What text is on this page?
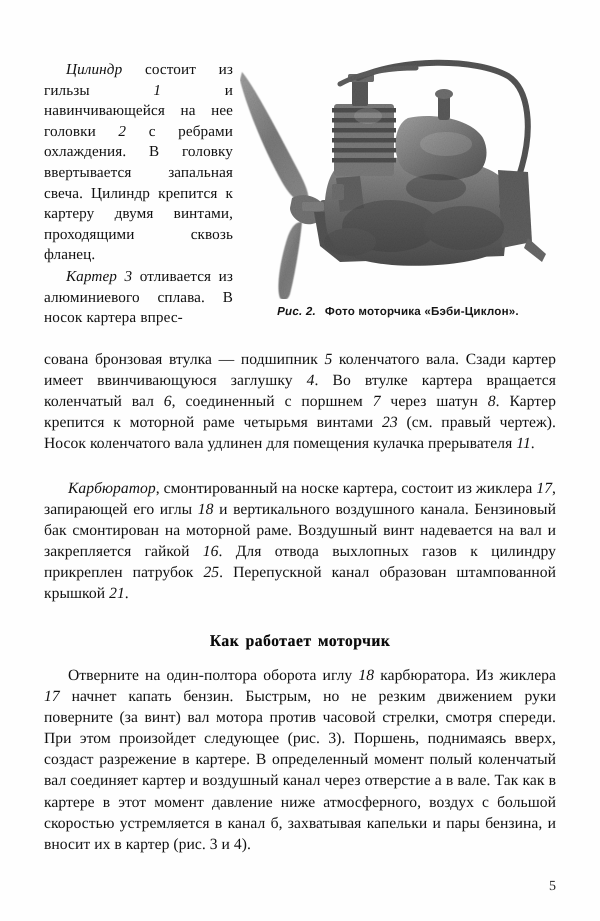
Цилиндр состоит из гильзы 1 и навинчивающейся на нее головки 2 с ребрами охлаждения. В головку ввертывается запальная свеча. Цилиндр крепится к картеру двумя винтами, проходящими сквозь фланец.

Картер 3 отливается из алюминиевого сплава. В носок картера впрес-	Рис. 2. Фото моторчика «Бэби-Циклон».

сована бронзовая втулка — подшипник 5 коленчатого вала. Сзади картер имеет ввинчивающуюся заглушку 4. Во втулке картера вращается коленчатый вал 6, соединенный с поршнем 7 через шатун 8. Картер крепится к моторной раме четырьмя винтами 23 (см. правый чертеж). Носок коленчатого вала удлинен для помещения кулачка прерывателя 11.

Карбюратор, смонтированный на носке картера, состоит из жиклера 17, запирающей его иглы 18 и вертикального воздушного канала. Бензиновый бак смонтирован на моторной раме. Воздушный винт надевается на вал и закрепляется гайкой 16. Для отвода выхлопных газов к цилиндру прикреплен патрубок 25. Перепускной канал образован штампованной крышкой 21.

Как работает моторчик

Отверните на один-полтора оборота иглу 18 карбюратора. Из жиклера 17 начнет капать бензин. Быстрым, но не резким движением руки поверните (за винт) вал мотора против часовой стрелки, смотря спереди. При этом произойдет следующее (рис. 3). Поршень, поднимаясь вверх, создаст разрежение в картере. В определенный момент полый коленчатый вал соединяет картер и воздушный канал через отверстие а в вале. Так как в картере в этот момент давление ниже атмосферного, воздух с большой скоростью устремляется в канал б, захватывая капельки и пары бензина, и вносит их в картер (рис. 3 и 4).

5
